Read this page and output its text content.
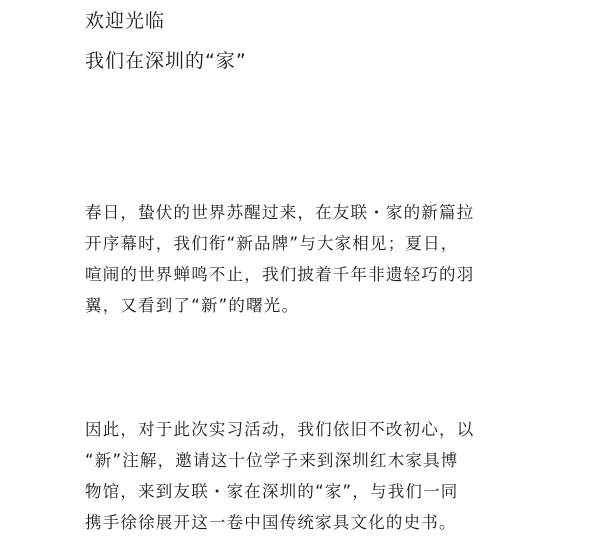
欢迎光临
我们在深圳的“家”

春日，蛰伏的世界苏醒过来，在友联・家的新篇拉
开序幕时，我们衔“新品牌”与大家相见；夏日，
喧闹的世界蝉鸣不止，我们披着千年非遗轻巧的羽
翼，又看到了“新”的曙光。

因此，对于此次实习活动，我们依旧不改初心，以
“新”注解，邀请这十位学子来到深圳红木家具博
物馆，来到友联・家在深圳的“家”，与我们一同
携手徐徐展开这一卷中国传统家具文化的史书。
